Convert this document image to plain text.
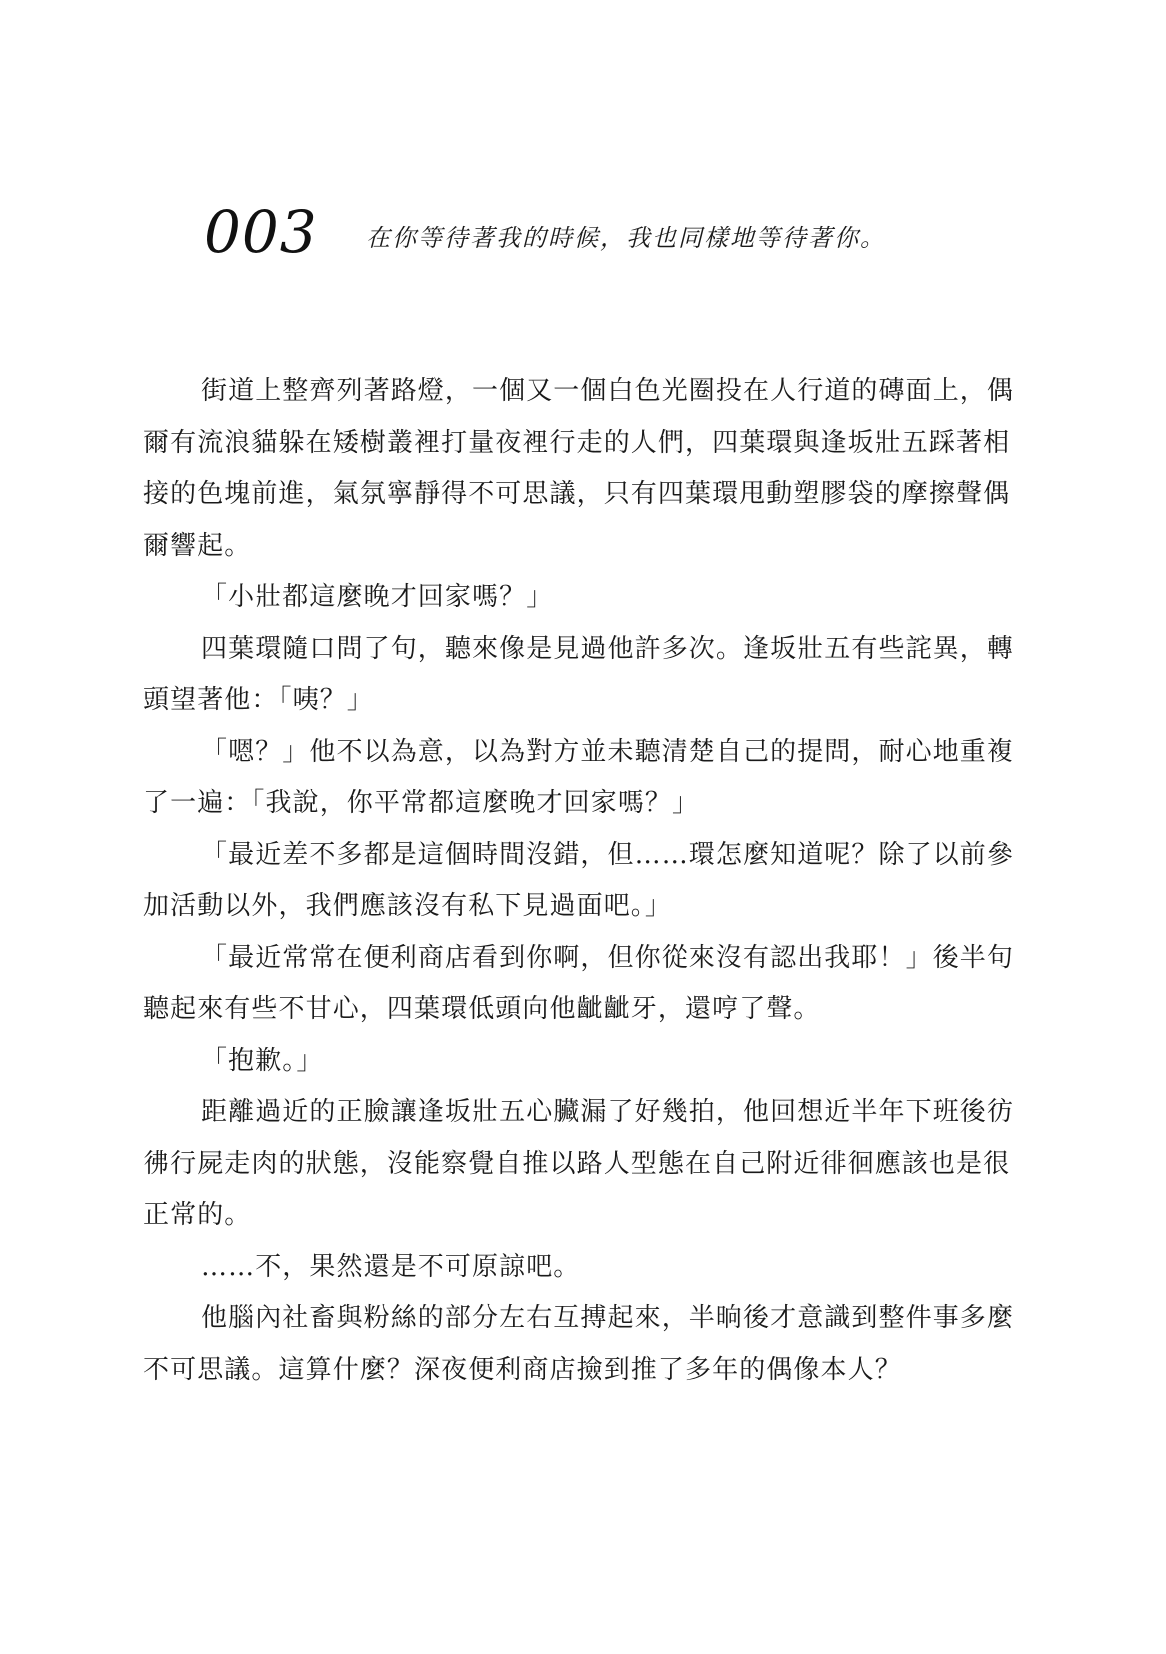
003 在你等待著我的時候，我也同樣地等待著你。

街道上整齊列著路燈，一個又一個白色光圈投在人行道的磚面上，偶爾有流浪貓躲在矮樹叢裡打量夜裡行走的人們，四葉環與逢坂壯五踩著相接的色塊前進，氣氛寧靜得不可思議，只有四葉環甩動塑膠袋的摩擦聲偶爾響起。

「小壯都這麼晚才回家嗎？」

四葉環隨口問了句，聽來像是見過他許多次。逢坂壯五有些詫異，轉頭望著他：「咦？」

「嗯？」他不以為意，以為對方並未聽清楚自己的提問，耐心地重複了一遍：「我說，你平常都這麼晚才回家嗎？」

「最近差不多都是這個時間沒錯，但……環怎麼知道呢？除了以前參加活動以外，我們應該沒有私下見過面吧。」

「最近常常在便利商店看到你啊，但你從來沒有認出我耶！」後半句聽起來有些不甘心，四葉環低頭向他齜齜牙，還哼了聲。

「抱歉。」

距離過近的正臉讓逢坂壯五心臟漏了好幾拍，他回想近半年下班後彷彿行屍走肉的狀態，沒能察覺自推以路人型態在自己附近徘徊應該也是很正常的。

……不，果然還是不可原諒吧。

他腦內社畜與粉絲的部分左右互搏起來，半晌後才意識到整件事多麼不可思議。這算什麼？深夜便利商店撿到推了多年的偶像本人？
